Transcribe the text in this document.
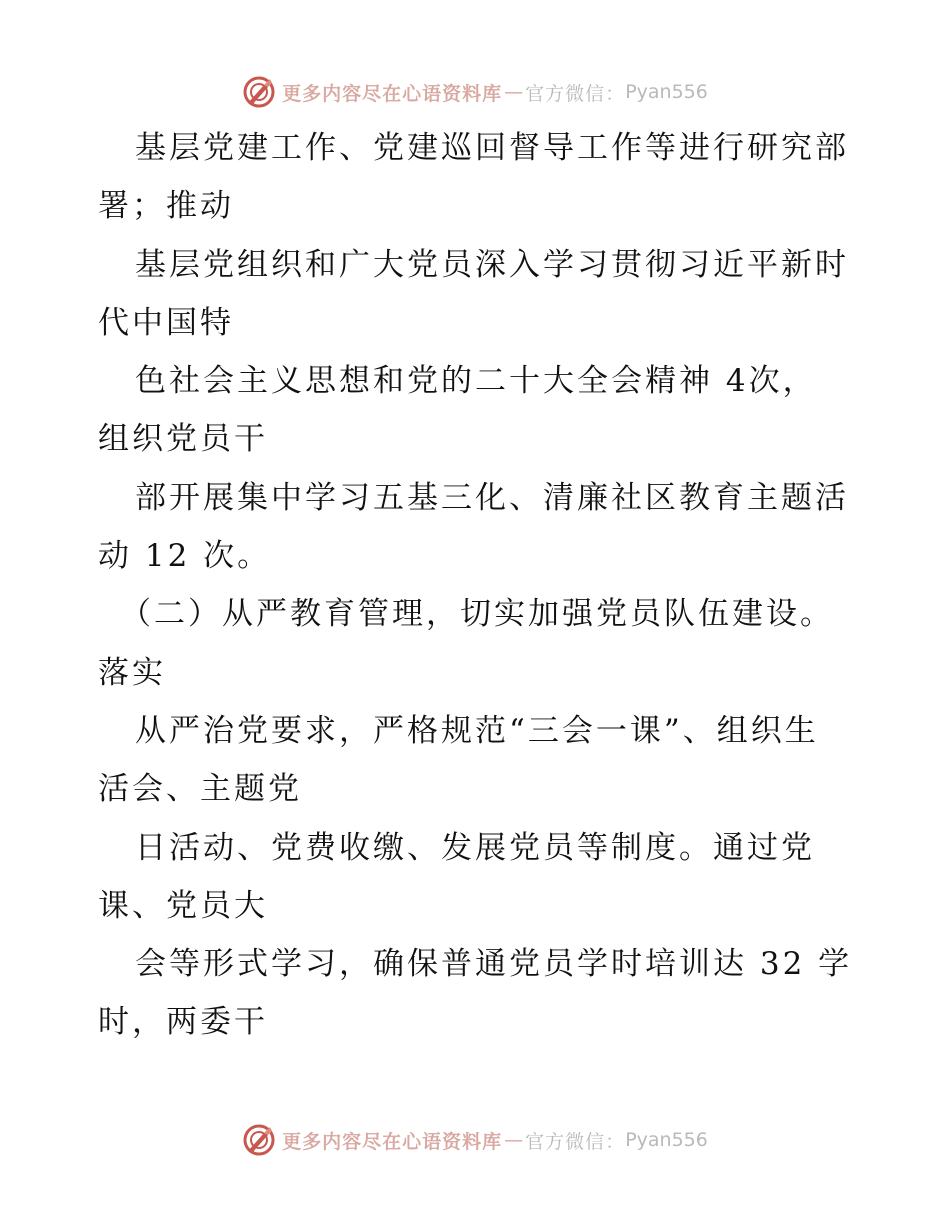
更多内容尽在心语资料库 — 官方微信： Pyan556
基层党建工作、党建巡回督导工作等进行研究部
署；推动
基层党组织和广大党员深入学习贯彻习近平新时
代中国特
色社会主义思想和党的二十大全会精神 4次，
组织党员干
部开展集中学习五基三化、清廉社区教育主题活
动 12 次。
（二）从严教育管理，切实加强党员队伍建设。
落实
从严治党要求，严格规范“三会一课”、组织生
活会、主题党
日活动、党费收缴、发展党员等制度。通过党
课、党员大
会等形式学习，确保普通党员学时培训达 32 学
时，两委干
更多内容尽在心语资料库 — 官方微信： Pyan556
